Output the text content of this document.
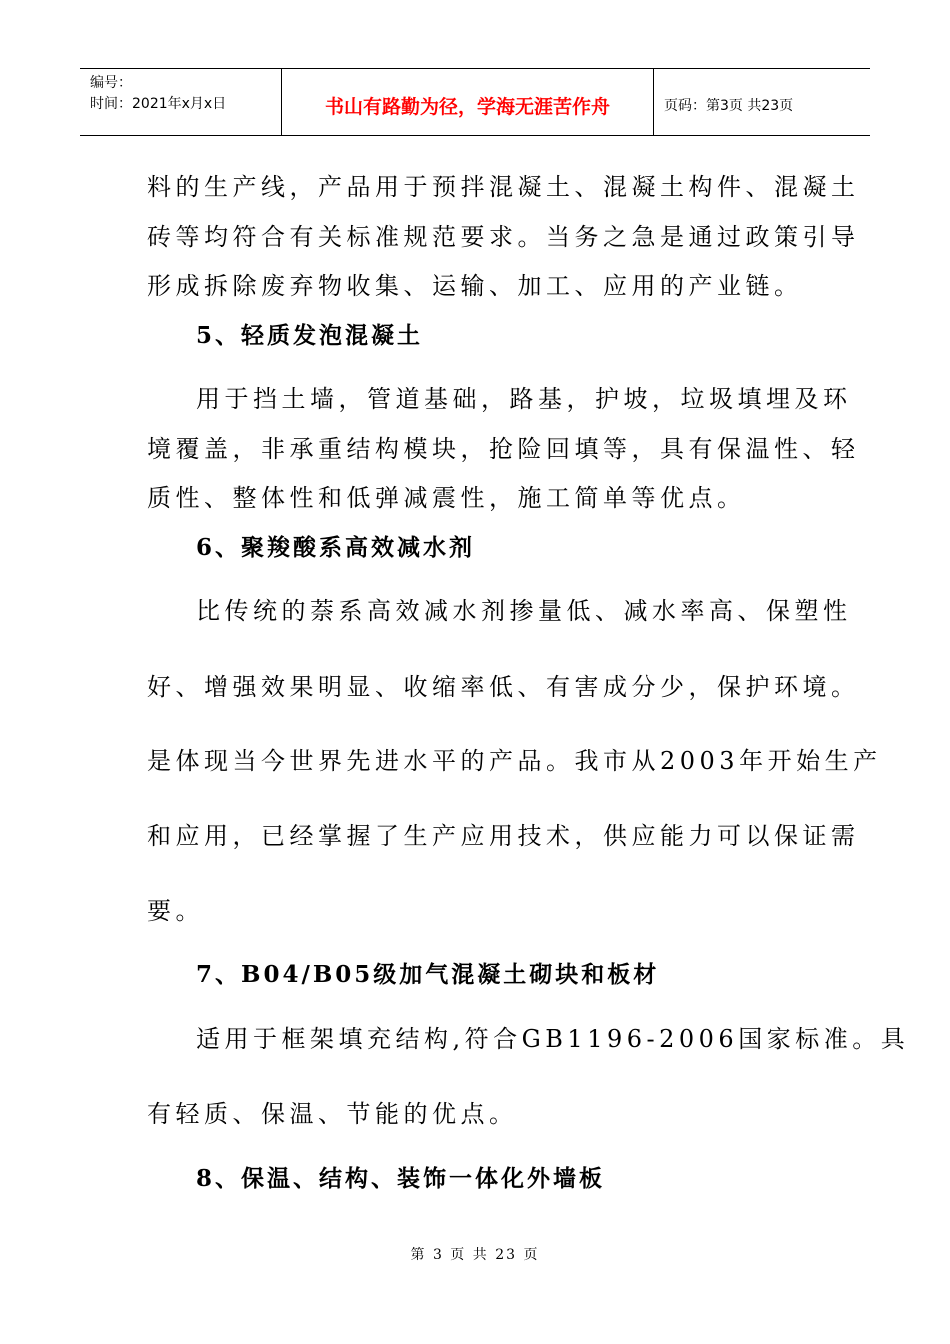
编号：
时间：2021年x月x日	书山有路勤为径，学海无涯苦作舟	页码：第3页 共23页
料的生产线，产品用于预拌混凝土、混凝土构件、混凝土
砖等均符合有关标准规范要求。当务之急是通过政策引导
形成拆除废弃物收集、运输、加工、应用的产业链。
5、轻质发泡混凝土
用于挡土墙，管道基础，路基，护坡，垃圾填埋及环
境覆盖，非承重结构模块，抢险回填等，具有保温性、轻
质性、整体性和低弹减震性，施工简单等优点。
6、聚羧酸系高效减水剂
比传统的萘系高效减水剂掺量低、减水率高、保塑性
好、增强效果明显、收缩率低、有害成分少，保护环境。
是体现当今世界先进水平的产品。我市从2003年开始生产
和应用，已经掌握了生产应用技术，供应能力可以保证需
要。
7、B04/B05级加气混凝土砌块和板材
适用于框架填充结构,符合GB1196-2006国家标准。具
有轻质、保温、节能的优点。
8、保温、结构、装饰一体化外墙板
第 3 页 共 23 页
